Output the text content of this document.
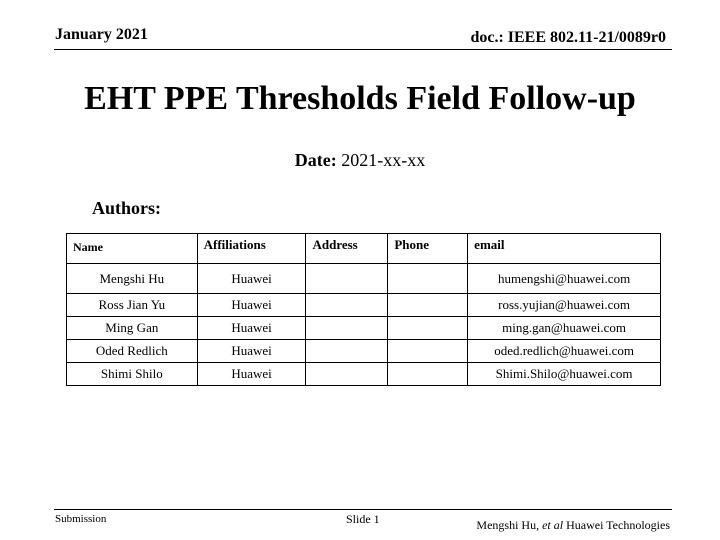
January 2021	doc.: IEEE 802.11-21/0089r0
EHT PPE Thresholds Field Follow-up
Date: 2021-xx-xx
Authors:
Name	Affiliations	Address	Phone	email
Mengshi Hu	Huawei			humengshi@huawei.com
Ross Jian Yu	Huawei			ross.yujian@huawei.com
Ming Gan	Huawei			ming.gan@huawei.com
Oded Redlich	Huawei			oded.redlich@huawei.com
Shimi Shilo	Huawei			Shimi.Shilo@huawei.com
Submission	Slide 1	Mengshi Hu, et al Huawei Technologies
